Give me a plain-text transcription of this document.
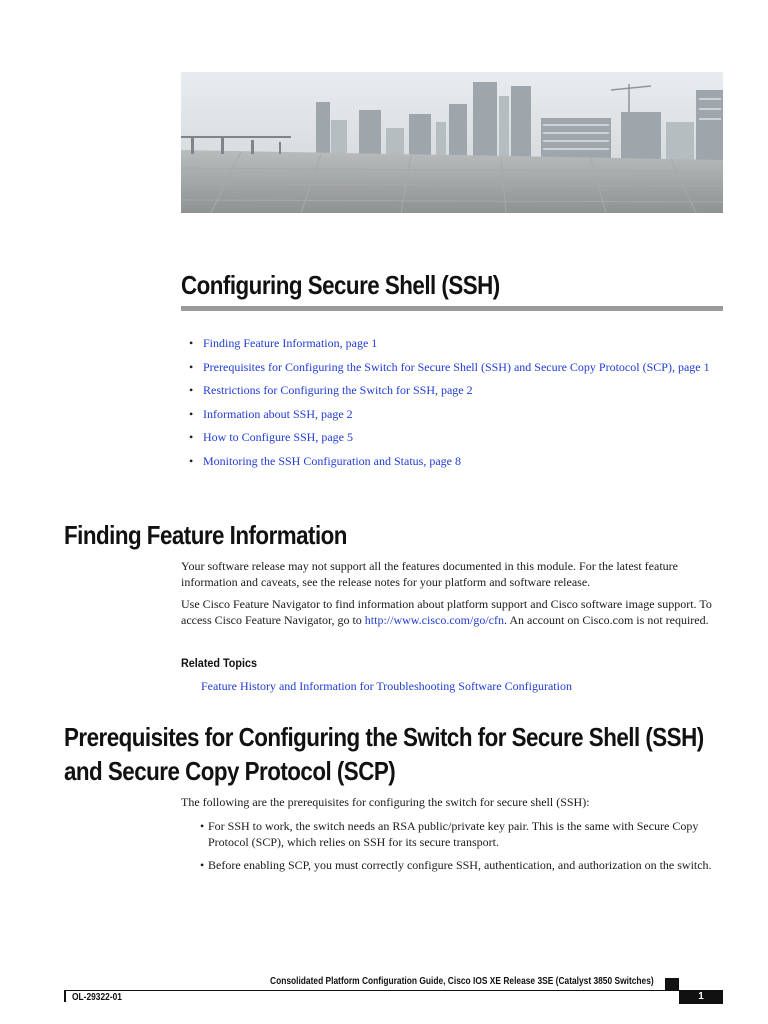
Configuring Secure Shell (SSH)
• Finding Feature Information, page 1
• Prerequisites for Configuring the Switch for Secure Shell (SSH) and Secure Copy Protocol (SCP), page 1
• Restrictions for Configuring the Switch for SSH, page 2
• Information about SSH, page 2
• How to Configure SSH, page 5
• Monitoring the SSH Configuration and Status, page 8
Finding Feature Information

Your software release may not support all the features documented in this module. For the latest feature information and caveats, see the release notes for your platform and software release.

Use Cisco Feature Navigator to find information about platform support and Cisco software image support. To access Cisco Feature Navigator, go to http://www.cisco.com/go/cfn. An account on Cisco.com is not required.

Related Topics
Feature History and Information for Troubleshooting Software Configuration
Prerequisites for Configuring the Switch for Secure Shell (SSH)
and Secure Copy Protocol (SCP)

The following are the prerequisites for configuring the switch for secure shell (SSH):

• For SSH to work, the switch needs an RSA public/private key pair. This is the same with Secure Copy Protocol (SCP), which relies on SSH for its secure transport.
• Before enabling SCP, you must correctly configure SSH, authentication, and authorization on the switch.
Consolidated Platform Configuration Guide, Cisco IOS XE Release 3SE (Catalyst 3850 Switches)
OL-29322-01	1
